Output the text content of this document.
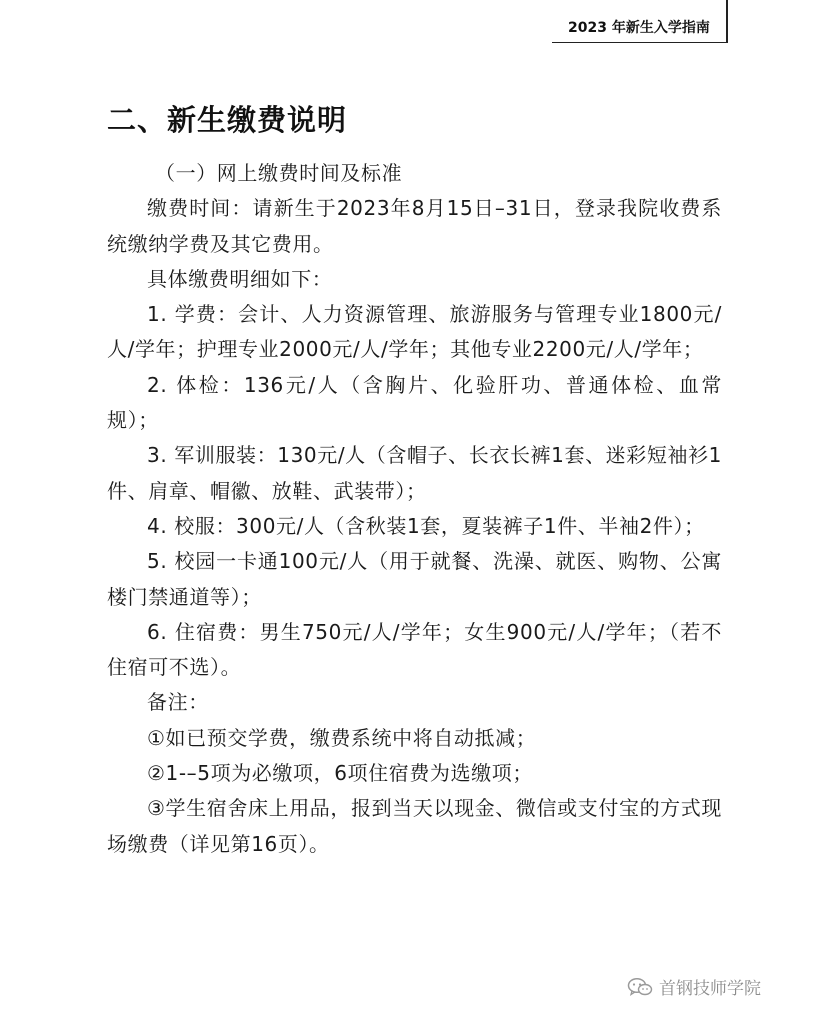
2023 年新生入学指南
二、新生缴费说明

（一）网上缴费时间及标准

缴费时间：请新生于2023年8月15日–31日，登录我院收费系统缴纳学费及其它费用。

具体缴费明细如下：

1. 学费：会计、人力资源管理、旅游服务与管理专业1800元/人/学年；护理专业2000元/人/学年；其他专业2200元/人/学年；

2. 体检：136元/人（含胸片、化验肝功、普通体检、血常规）；

3. 军训服装：130元/人（含帽子、长衣长裤1套、迷彩短袖衫1件、肩章、帽徽、放鞋、武装带）；

4. 校服：300元/人（含秋装1套，夏装裤子1件、半袖2件）；

5. 校园一卡通100元/人（用于就餐、洗澡、就医、购物、公寓楼门禁通道等）；

6. 住宿费：男生750元/人/学年；女生900元/人/学年；（若不住宿可不选）。

备注：

①如已预交学费，缴费系统中将自动抵减；

②1-–5项为必缴项，6项住宿费为选缴项；

③学生宿舍床上用品，报到当天以现金、微信或支付宝的方式现场缴费（详见第16页）。

首钢技师学院
